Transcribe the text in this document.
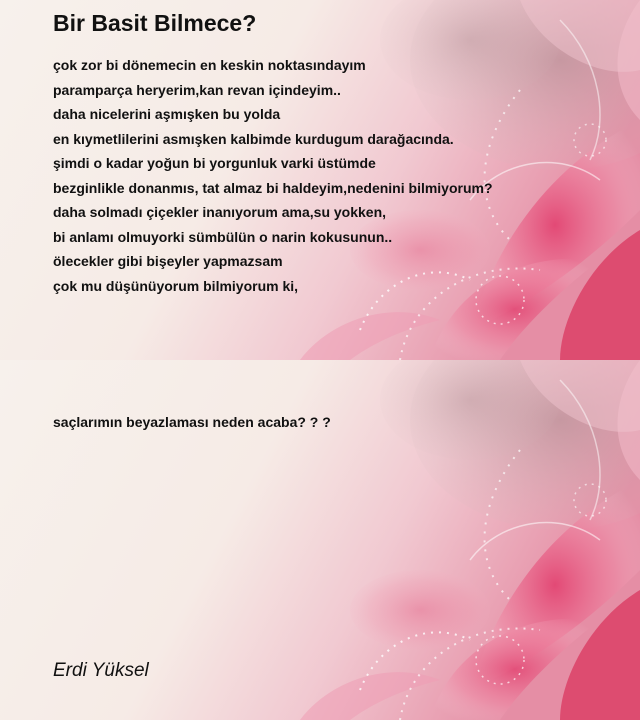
Bir Basit Bilmece?
çok zor bi dönemecin en keskin noktasındayım
paramparça heryerim,kan revan içindeyim..
daha nicelerini aşmışken bu yolda
en kıymetlilerini asmışken kalbimde kurdugum darağacında.
şimdi o kadar yoğun bi yorgunluk varki üstümde
bezginlikle donanmıs, tat almaz bi haldeyim,nedenini bilmiyorum?
daha solmadı çiçekler inanıyorum ama,su yokken,
bi anlamı olmuyorki sümbülün o narin kokusunun..
ölecekler gibi bişeyler yapmazsam
çok mu düşünüyorum bilmiyorum ki,
saçlarımın beyazlaması neden acaba? ? ?
Erdi Yüksel
